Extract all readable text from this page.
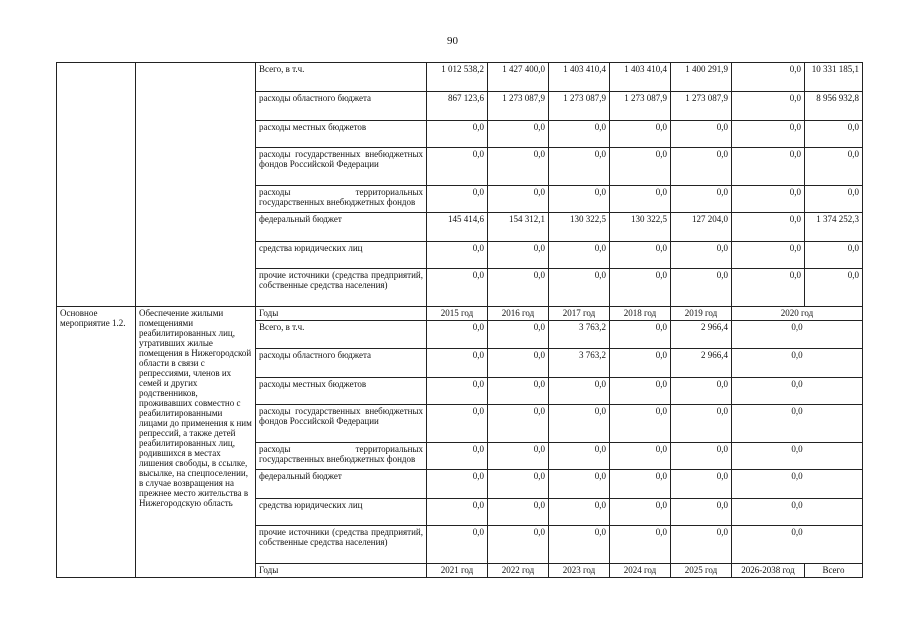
90
		Всего, в т.ч.	1 012 538,2	1 427 400,0	1 403 410,4	1 403 410,4	1 400 291,9	0,0	10 331 185,1
		расходы областного бюджета	867 123,6	1 273 087,9	1 273 087,9	1 273 087,9	1 273 087,9	0,0	8 956 932,8
		расходы местных бюджетов	0,0	0,0	0,0	0,0	0,0	0,0	0,0
		расходы государственных внебюджетных фондов Российской Федерации	0,0	0,0	0,0	0,0	0,0	0,0	0,0
		расходы территориальных государственных внебюджетных фондов	0,0	0,0	0,0	0,0	0,0	0,0	0,0
		федеральный бюджет	145 414,6	154 312,1	130 322,5	130 322,5	127 204,0	0,0	1 374 252,3
		средства юридических лиц	0,0	0,0	0,0	0,0	0,0	0,0	0,0
		прочие источники (средства предприятий, собственные средства населения)	0,0	0,0	0,0	0,0	0,0	0,0	0,0
Основное мероприятие 1.2.	Обеспечение жилыми помещениями реабилитированных лиц, утративших жилые помещения в Нижегородской области в связи с репрессиями, членов их семей и других родственников, проживавших совместно с реабилитированными лицами до применения к ним репрессий, а также детей реабилитированных лиц, родившихся в местах лишения свободы, в ссылке, высылке, на спецпоселении, в случае возвращения на прежнее место жительства в Нижегородскую область	Годы	2015 год	2016 год	2017 год	2018 год	2019 год	2020 год	
		Всего, в т.ч.	0,0	0,0	3 763,2	0,0	2 966,4	0,0	
		расходы областного бюджета	0,0	0,0	3 763,2	0,0	2 966,4	0,0	
		расходы местных бюджетов	0,0	0,0	0,0	0,0	0,0	0,0	
		расходы государственных внебюджетных фондов Российской Федерации	0,0	0,0	0,0	0,0	0,0	0,0	
		расходы территориальных государственных внебюджетных фондов	0,0	0,0	0,0	0,0	0,0	0,0	
		федеральный бюджет	0,0	0,0	0,0	0,0	0,0	0,0	
		средства юридических лиц	0,0	0,0	0,0	0,0	0,0	0,0	
		прочие источники (средства предприятий, собственные средства населения)	0,0	0,0	0,0	0,0	0,0	0,0	
		Годы	2021 год	2022 год	2023 год	2024 год	2025 год	2026-2038 год	Всего
